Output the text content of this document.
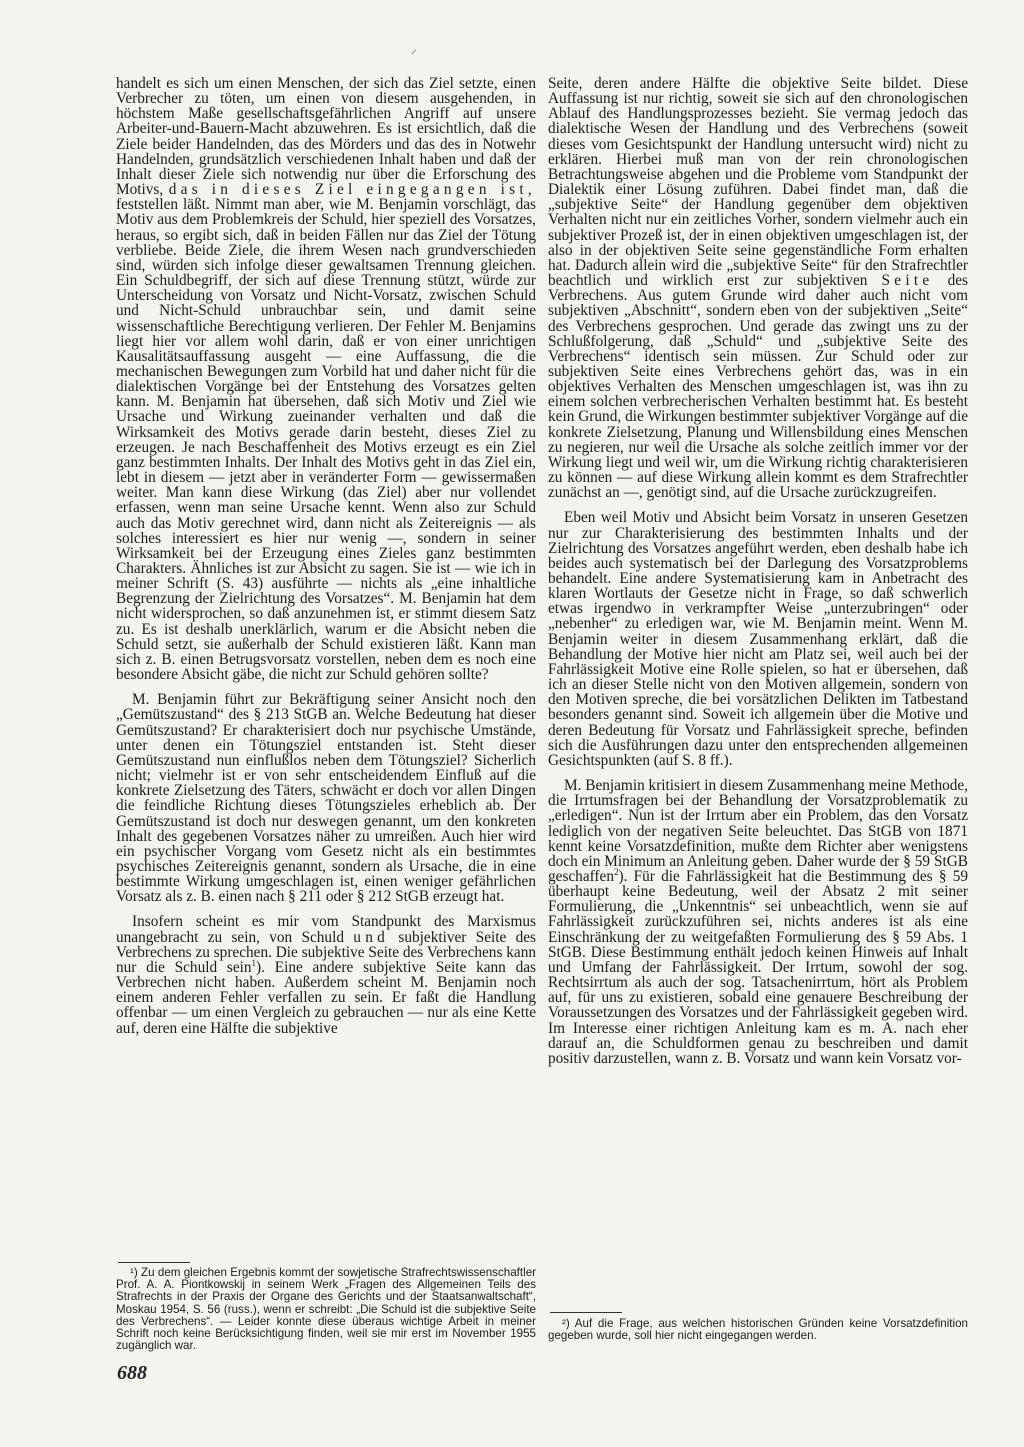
⸝

handelt es sich um einen Menschen, der sich das Ziel setzte, einen Verbrecher zu töten, um einen von diesem ausgehenden, in höchstem Maße gesellschaftsgefährlichen Angriff auf unsere Arbeiter-und-Bauern-Macht abzuwehren. Es ist ersichtlich, daß die Ziele beider Handelnden, das des Mörders und das des in Notwehr Handelnden, grundsätzlich verschiedenen Inhalt haben und daß der Inhalt dieser Ziele sich notwendig nur über die Erforschung des Motivs, das in dieses Ziel eingegangen ist, feststellen läßt. Nimmt man aber, wie M. Benjamin vorschlägt, das Motiv aus dem Problemkreis der Schuld, hier speziell des Vorsatzes, heraus, so ergibt sich, daß in beiden Fällen nur das Ziel der Tötung verbliebe. Beide Ziele, die ihrem Wesen nach grundverschieden sind, würden sich infolge dieser gewaltsamen Trennung gleichen. Ein Schuldbegriff, der sich auf diese Trennung stützt, würde zur Unterscheidung von Vorsatz und Nicht-Vorsatz, zwischen Schuld und Nicht-Schuld unbrauchbar sein, und damit seine wissenschaftliche Berechtigung verlieren. Der Fehler M. Benjamins liegt hier vor allem wohl darin, daß er von einer unrichtigen Kausalitätsauffassung ausgeht — eine Auffassung, die die mechanischen Bewegungen zum Vorbild hat und daher nicht für die dialektischen Vorgänge bei der Entstehung des Vorsatzes gelten kann. M. Benjamin hat übersehen, daß sich Motiv und Ziel wie Ursache und Wirkung zueinander verhalten und daß die Wirksamkeit des Motivs gerade darin besteht, dieses Ziel zu erzeugen. Je nach Beschaffenheit des Motivs erzeugt es ein Ziel ganz bestimmten Inhalts. Der Inhalt des Motivs geht in das Ziel ein, lebt in diesem — jetzt aber in veränderter Form — gewissermaßen weiter. Man kann diese Wirkung (das Ziel) aber nur vollendet erfassen, wenn man seine Ursache kennt. Wenn also zur Schuld auch das Motiv gerechnet wird, dann nicht als Zeitereignis — als solches interessiert es hier nur wenig —, sondern in seiner Wirksamkeit bei der Erzeugung eines Zieles ganz bestimmten Charakters. Ähnliches ist zur Absicht zu sagen. Sie ist — wie ich in meiner Schrift (S. 43) ausführte — nichts als „eine inhaltliche Begrenzung der Zielrichtung des Vorsatzes“. M. Benjamin hat dem nicht widersprochen, so daß anzunehmen ist, er stimmt diesem Satz zu. Es ist deshalb unerklärlich, warum er die Absicht neben die Schuld setzt, sie außerhalb der Schuld existieren läßt. Kann man sich z. B. einen Betrugsvorsatz vorstellen, neben dem es noch eine besondere Absicht gäbe, die nicht zur Schuld gehören sollte?

M. Benjamin führt zur Bekräftigung seiner Ansicht noch den „Gemütszustand“ des § 213 StGB an. Welche Bedeutung hat dieser Gemütszustand? Er charakterisiert doch nur psychische Umstände, unter denen ein Tötungsziel entstanden ist. Steht dieser Gemütszustand nun einflußlos neben dem Tötungsziel? Sicherlich nicht; vielmehr ist er von sehr entscheidendem Einfluß auf die konkrete Zielsetzung des Täters, schwächt er doch vor allen Dingen die feindliche Richtung dieses Tötungszieles erheblich ab. Der Gemütszustand ist doch nur deswegen genannt, um den konkreten Inhalt des gegebenen Vorsatzes näher zu umreißen. Auch hier wird ein psychischer Vorgang vom Gesetz nicht als ein bestimmtes psychisches Zeitereignis genannt, sondern als Ursache, die in eine bestimmte Wirkung umgeschlagen ist, einen weniger gefährlichen Vorsatz als z. B. einen nach § 211 oder § 212 StGB erzeugt hat.

Insofern scheint es mir vom Standpunkt des Marxismus unangebracht zu sein, von Schuld und subjektiver Seite des Verbrechens zu sprechen. Die subjektive Seite des Verbrechens kann nur die Schuld sein$^1$). Eine andere subjektive Seite kann das Verbrechen nicht haben. Außerdem scheint M. Benjamin noch einem anderen Fehler verfallen zu sein. Er faßt die Handlung offenbar — um einen Vergleich zu gebrauchen — nur als eine Kette auf, deren eine Hälfte die subjektive

¹) Zu dem gleichen Ergebnis kommt der sowjetische Strafrechtswissenschaftler Prof. A. A. Piontkowskij in seinem Werk „Fragen des Allgemeinen Teils des Strafrechts in der Praxis der Organe des Gerichts und der Staatsanwaltschaft“, Moskau 1954, S. 56 (russ.), wenn er schreibt: „Die Schuld ist die subjektive Seite des Verbrechens“. — Leider konnte diese überaus wichtige Arbeit in meiner Schrift noch keine Berücksichtigung finden, weil sie mir erst im November 1955 zugänglich war.

Seite, deren andere Hälfte die objektive Seite bildet. Diese Auffassung ist nur richtig, soweit sie sich auf den chronologischen Ablauf des Handlungsprozesses bezieht. Sie vermag jedoch das dialektische Wesen der Handlung und des Verbrechens (soweit dieses vom Gesichtspunkt der Handlung untersucht wird) nicht zu erklären. Hierbei muß man von der rein chronologischen Betrachtungsweise abgehen und die Probleme vom Standpunkt der Dialektik einer Lösung zuführen. Dabei findet man, daß die „subjektive Seite“ der Handlung gegenüber dem objektiven Verhalten nicht nur ein zeitliches Vorher, sondern vielmehr auch ein subjektiver Prozeß ist, der in einen objektiven umgeschlagen ist, der also in der objektiven Seite seine gegenständliche Form erhalten hat. Dadurch allein wird die „subjektive Seite“ für den Strafrechtler beachtlich und wirklich erst zur subjektiven Seite des Verbrechens. Aus gutem Grunde wird daher auch nicht vom subjektiven „Abschnitt“, sondern eben von der subjektiven „Seite“ des Verbrechens gesprochen. Und gerade das zwingt uns zu der Schlußfolgerung, daß „Schuld“ und „subjektive Seite des Verbrechens“ identisch sein müssen. Zur Schuld oder zur subjektiven Seite eines Verbrechens gehört das, was in ein objektives Verhalten des Menschen umgeschlagen ist, was ihn zu einem solchen verbrecherischen Verhalten bestimmt hat. Es besteht kein Grund, die Wirkungen bestimmter subjektiver Vorgänge auf die konkrete Zielsetzung, Planung und Willensbildung eines Menschen zu negieren, nur weil die Ursache als solche zeitlich immer vor der Wirkung liegt und weil wir, um die Wirkung richtig charakterisieren zu können — auf diese Wirkung allein kommt es dem Strafrechtler zunächst an —, genötigt sind, auf die Ursache zurückzugreifen.

Eben weil Motiv und Absicht beim Vorsatz in unseren Gesetzen nur zur Charakterisierung des bestimmten Inhalts und der Zielrichtung des Vorsatzes angeführt werden, eben deshalb habe ich beides auch systematisch bei der Darlegung des Vorsatzproblems behandelt. Eine andere Systematisierung kam in Anbetracht des klaren Wortlauts der Gesetze nicht in Frage, so daß schwerlich etwas irgendwo in verkrampfter Weise „unterzubringen“ oder „nebenher“ zu erledigen war, wie M. Benjamin meint. Wenn M. Benjamin weiter in diesem Zusammenhang erklärt, daß die Behandlung der Motive hier nicht am Platz sei, weil auch bei der Fahrlässigkeit Motive eine Rolle spielen, so hat er übersehen, daß ich an dieser Stelle nicht von den Motiven allgemein, sondern von den Motiven spreche, die bei vorsätzlichen Delikten im Tatbestand besonders genannt sind. Soweit ich allgemein über die Motive und deren Bedeutung für Vorsatz und Fahrlässigkeit spreche, befinden sich die Ausführungen dazu unter den entsprechenden allgemeinen Gesichtspunkten (auf S. 8 ff.).

M. Benjamin kritisiert in diesem Zusammenhang meine Methode, die Irrtumsfragen bei der Behandlung der Vorsatzproblematik zu „erledigen“. Nun ist der Irrtum aber ein Problem, das den Vorsatz lediglich von der negativen Seite beleuchtet. Das StGB von 1871 kennt keine Vorsatzdefinition, mußte dem Richter aber wenigstens doch ein Minimum an Anleitung geben. Daher wurde der § 59 StGB geschaffen$^2$). Für die Fahrlässigkeit hat die Bestimmung des § 59 überhaupt keine Bedeutung, weil der Absatz 2 mit seiner Formulierung, die „Unkenntnis“ sei unbeachtlich, wenn sie auf Fahrlässigkeit zurückzuführen sei, nichts anderes ist als eine Einschränkung der zu weitgefaßten Formulierung des § 59 Abs. 1 StGB. Diese Bestimmung enthält jedoch keinen Hinweis auf Inhalt und Umfang der Fahrlässigkeit. Der Irrtum, sowohl der sog. Rechtsirrtum als auch der sog. Tatsachenirrtum, hört als Problem auf, für uns zu existieren, sobald eine genauere Beschreibung der Voraussetzungen des Vorsatzes und der Fahrlässigkeit gegeben wird. Im Interesse einer richtigen Anleitung kam es m. A. nach eher darauf an, die Schuldformen genau zu beschreiben und damit positiv darzustellen, wann z. B. Vorsatz und wann kein Vorsatz vor-

²) Auf die Frage, aus welchen historischen Gründen keine Vorsatzdefinition gegeben wurde, soll hier nicht eingegangen werden.

688
